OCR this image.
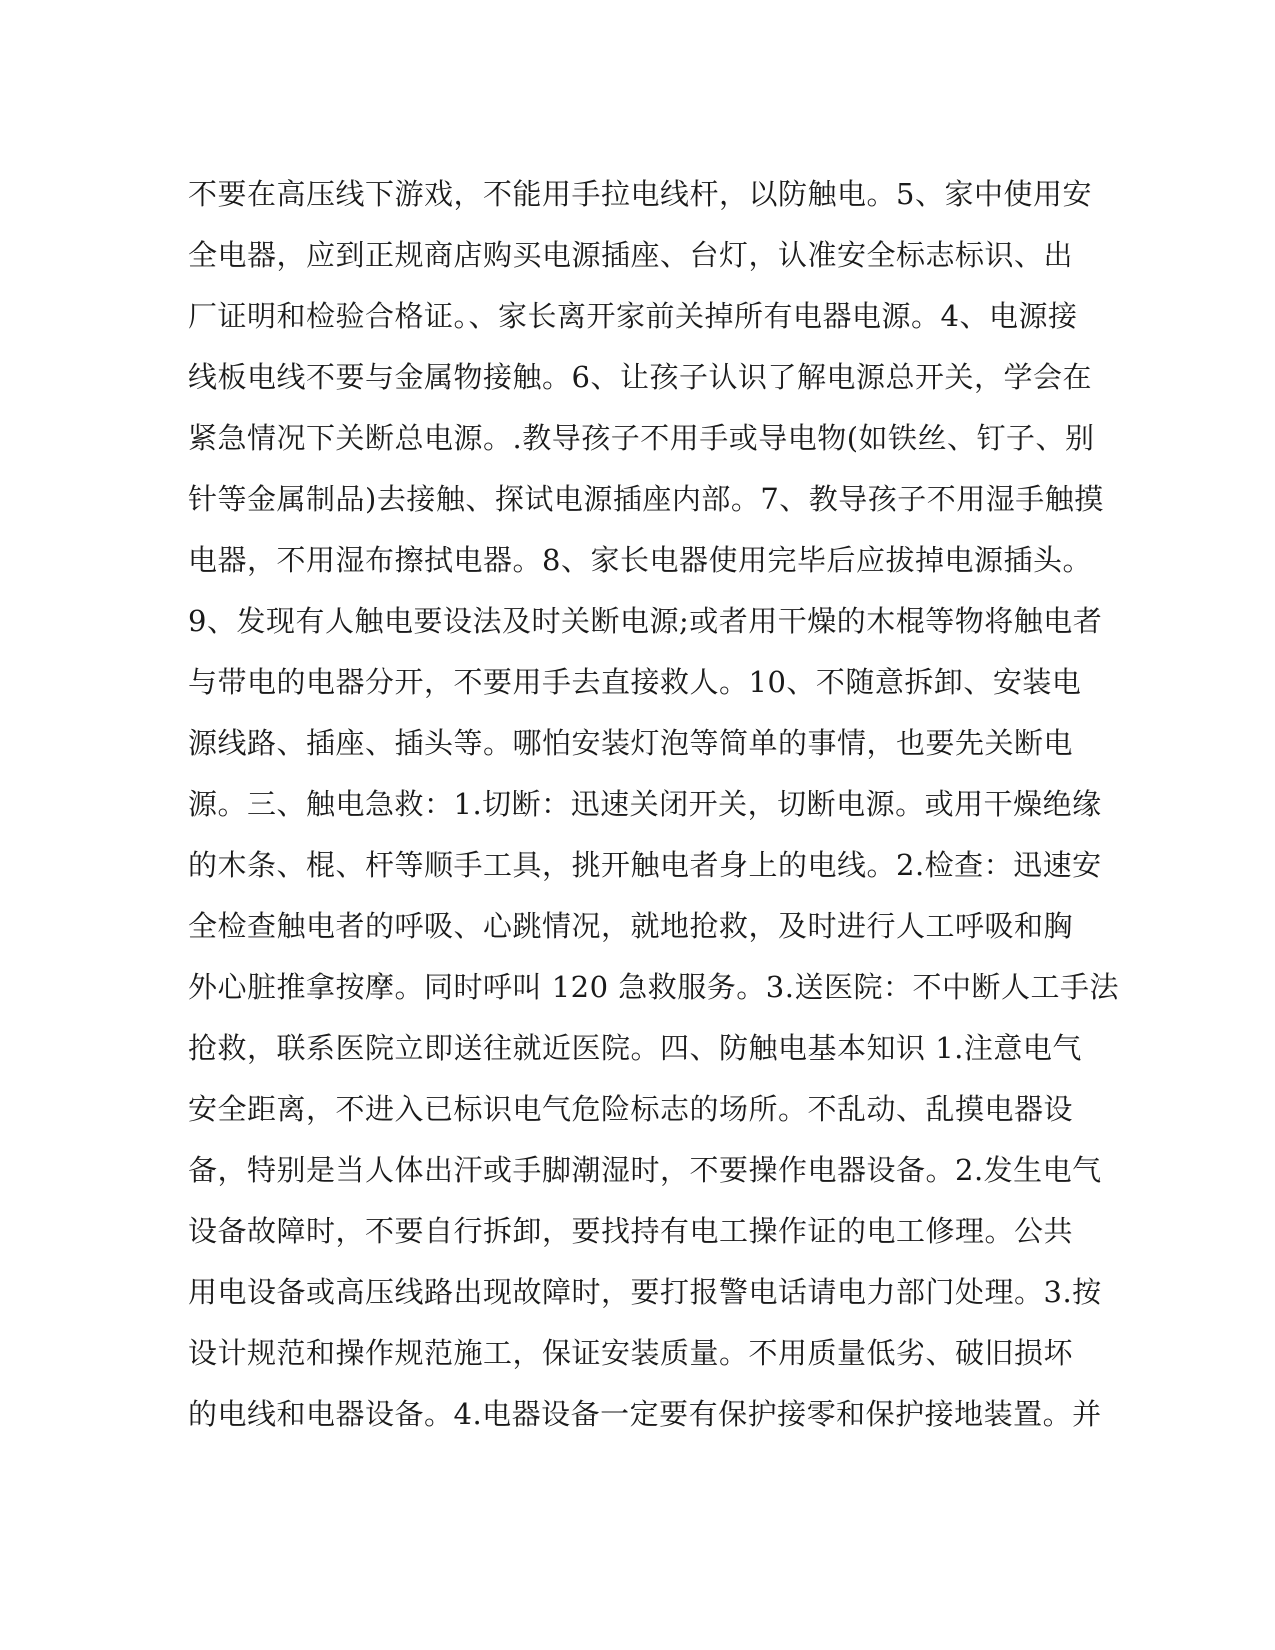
不要在高压线下游戏，不能用手拉电线杆，以防触电。5、家中使用安
全电器，应到正规商店购买电源插座、台灯，认准安全标志标识、出
厂证明和检验合格证。、家长离开家前关掉所有电器电源。4、电源接
线板电线不要与金属物接触。6、让孩子认识了解电源总开关，学会在
紧急情况下关断总电源。.教导孩子不用手或导电物(如铁丝、钉子、别
针等金属制品)去接触、探试电源插座内部。7、教导孩子不用湿手触摸
电器，不用湿布擦拭电器。8、家长电器使用完毕后应拔掉电源插头。
9、发现有人触电要设法及时关断电源;或者用干燥的木棍等物将触电者
与带电的电器分开，不要用手去直接救人。10、不随意拆卸、安装电
源线路、插座、插头等。哪怕安装灯泡等简单的事情，也要先关断电
源。三、触电急救：1.切断：迅速关闭开关，切断电源。或用干燥绝缘
的木条、棍、杆等顺手工具，挑开触电者身上的电线。2.检查：迅速安
全检查触电者的呼吸、心跳情况，就地抢救，及时进行人工呼吸和胸
外心脏推拿按摩。同时呼叫 120 急救服务。3.送医院：不中断人工手法
抢救，联系医院立即送往就近医院。四、防触电基本知识 1.注意电气
安全距离，不进入已标识电气危险标志的场所。不乱动、乱摸电器设
备，特别是当人体出汗或手脚潮湿时，不要操作电器设备。2.发生电气
设备故障时，不要自行拆卸，要找持有电工操作证的电工修理。公共
用电设备或高压线路出现故障时，要打报警电话请电力部门处理。3.按
设计规范和操作规范施工，保证安装质量。不用质量低劣、破旧损坏
的电线和电器设备。4.电器设备一定要有保护接零和保护接地装置。并
